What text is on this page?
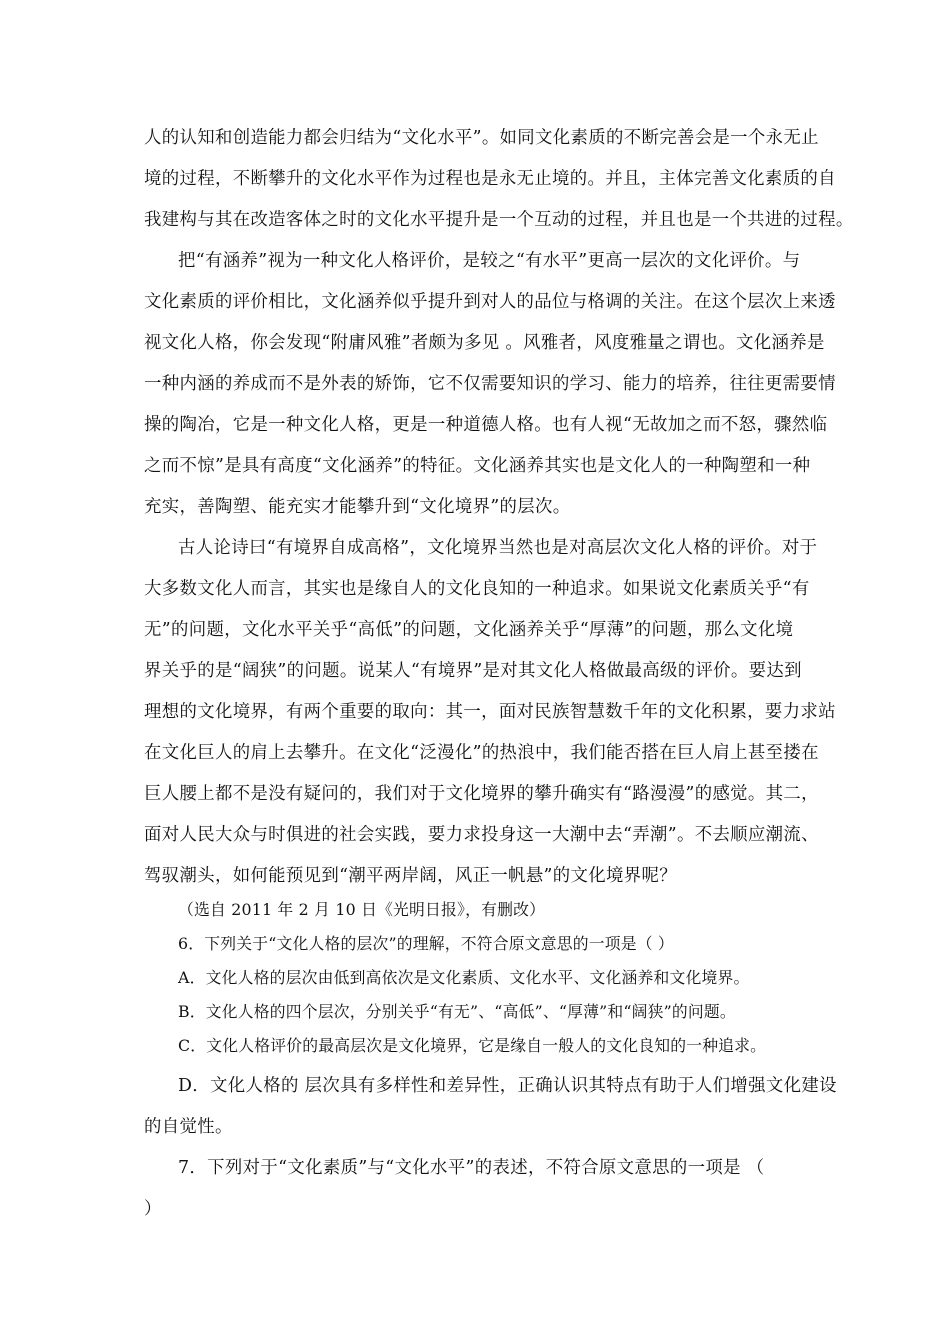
人的认知和创造能力都会归结为“文化水平”。如同文化素质的不断完善会是一个永无止
境的过程，不断攀升的文化水平作为过程也是永无止境的。并且，主体完善文化素质的自
我建构与其在改造客体之时的文化水平提升是一个互动的过程，并且也是一个共进的过程。
把“有涵养”视为一种文化人格评价，是较之“有水平”更高一层次的文化评价。与
文化素质的评价相比，文化涵养似乎提升到对人的品位与格调的关注。在这个层次上来透
视文化人格，你会发现“附庸风雅”者颇为多见 。风雅者，风度雅量之谓也。文化涵养是
一种内涵的养成而不是外表的矫饰，它不仅需要知识的学习、能力的培养，往往更需要情
操的陶冶，它是一种文化人格，更是一种道德人格。也有人视“无故加之而不怒，骤然临
之而不惊”是具有高度“文化涵养”的特征。文化涵养其实也是文化人的一种陶塑和一种
充实，善陶塑、能充实才能攀升到“文化境界”的层次。
古人论诗曰“有境界自成高格”，文化境界当然也是对高层次文化人格的评价。对于
大多数文化人而言，其实也是缘自人的文化良知的一种追求。如果说文化素质关乎“有
无”的问题，文化水平关乎“高低”的问题，文化涵养关乎“厚薄”的问题，那么文化境
界关乎的是“阔狭”的问题。说某人“有境界”是对其文化人格做最高级的评价。要达到
理想的文化境界，有两个重要的取向：其一，面对民族智慧数千年的文化积累，要力求站
在文化巨人的肩上去攀升。在文化“泛漫化”的热浪中，我们能否搭在巨人肩上甚至搂在
巨人腰上都不是没有疑问的，我们对于文化境界的攀升确实有“路漫漫”的感觉。其二，
面对人民大众与时俱进的社会实践，要力求投身这一大潮中去“弄潮”。不去顺应潮流、
驾驭潮头，如何能预见到“潮平两岸阔，风正一帆悬”的文化境界呢？
（选自 2011 年 2 月 10 日《光明日报》，有删改）
6．下列关于“文化人格的层次”的理解，不符合原文意思的一项是（ ）
A．文化人格的层次由低到高依次是文化素质、文化水平、文化涵养和文化境界。
B．文化人格的四个层次，分别关乎“有无”、“高低”、“厚薄”和“阔狭”的问题。
C．文化人格评价的最高层次是文化境界，它是缘自一般人的文化良知的一种追求。
D．文化人格的 层次具有多样性和差异性，正确认识其特点有助于人们增强文化建设
的自觉性。
7．下列对于“文化素质”与“文化水平”的表述，不符合原文意思的一项是 （
）
